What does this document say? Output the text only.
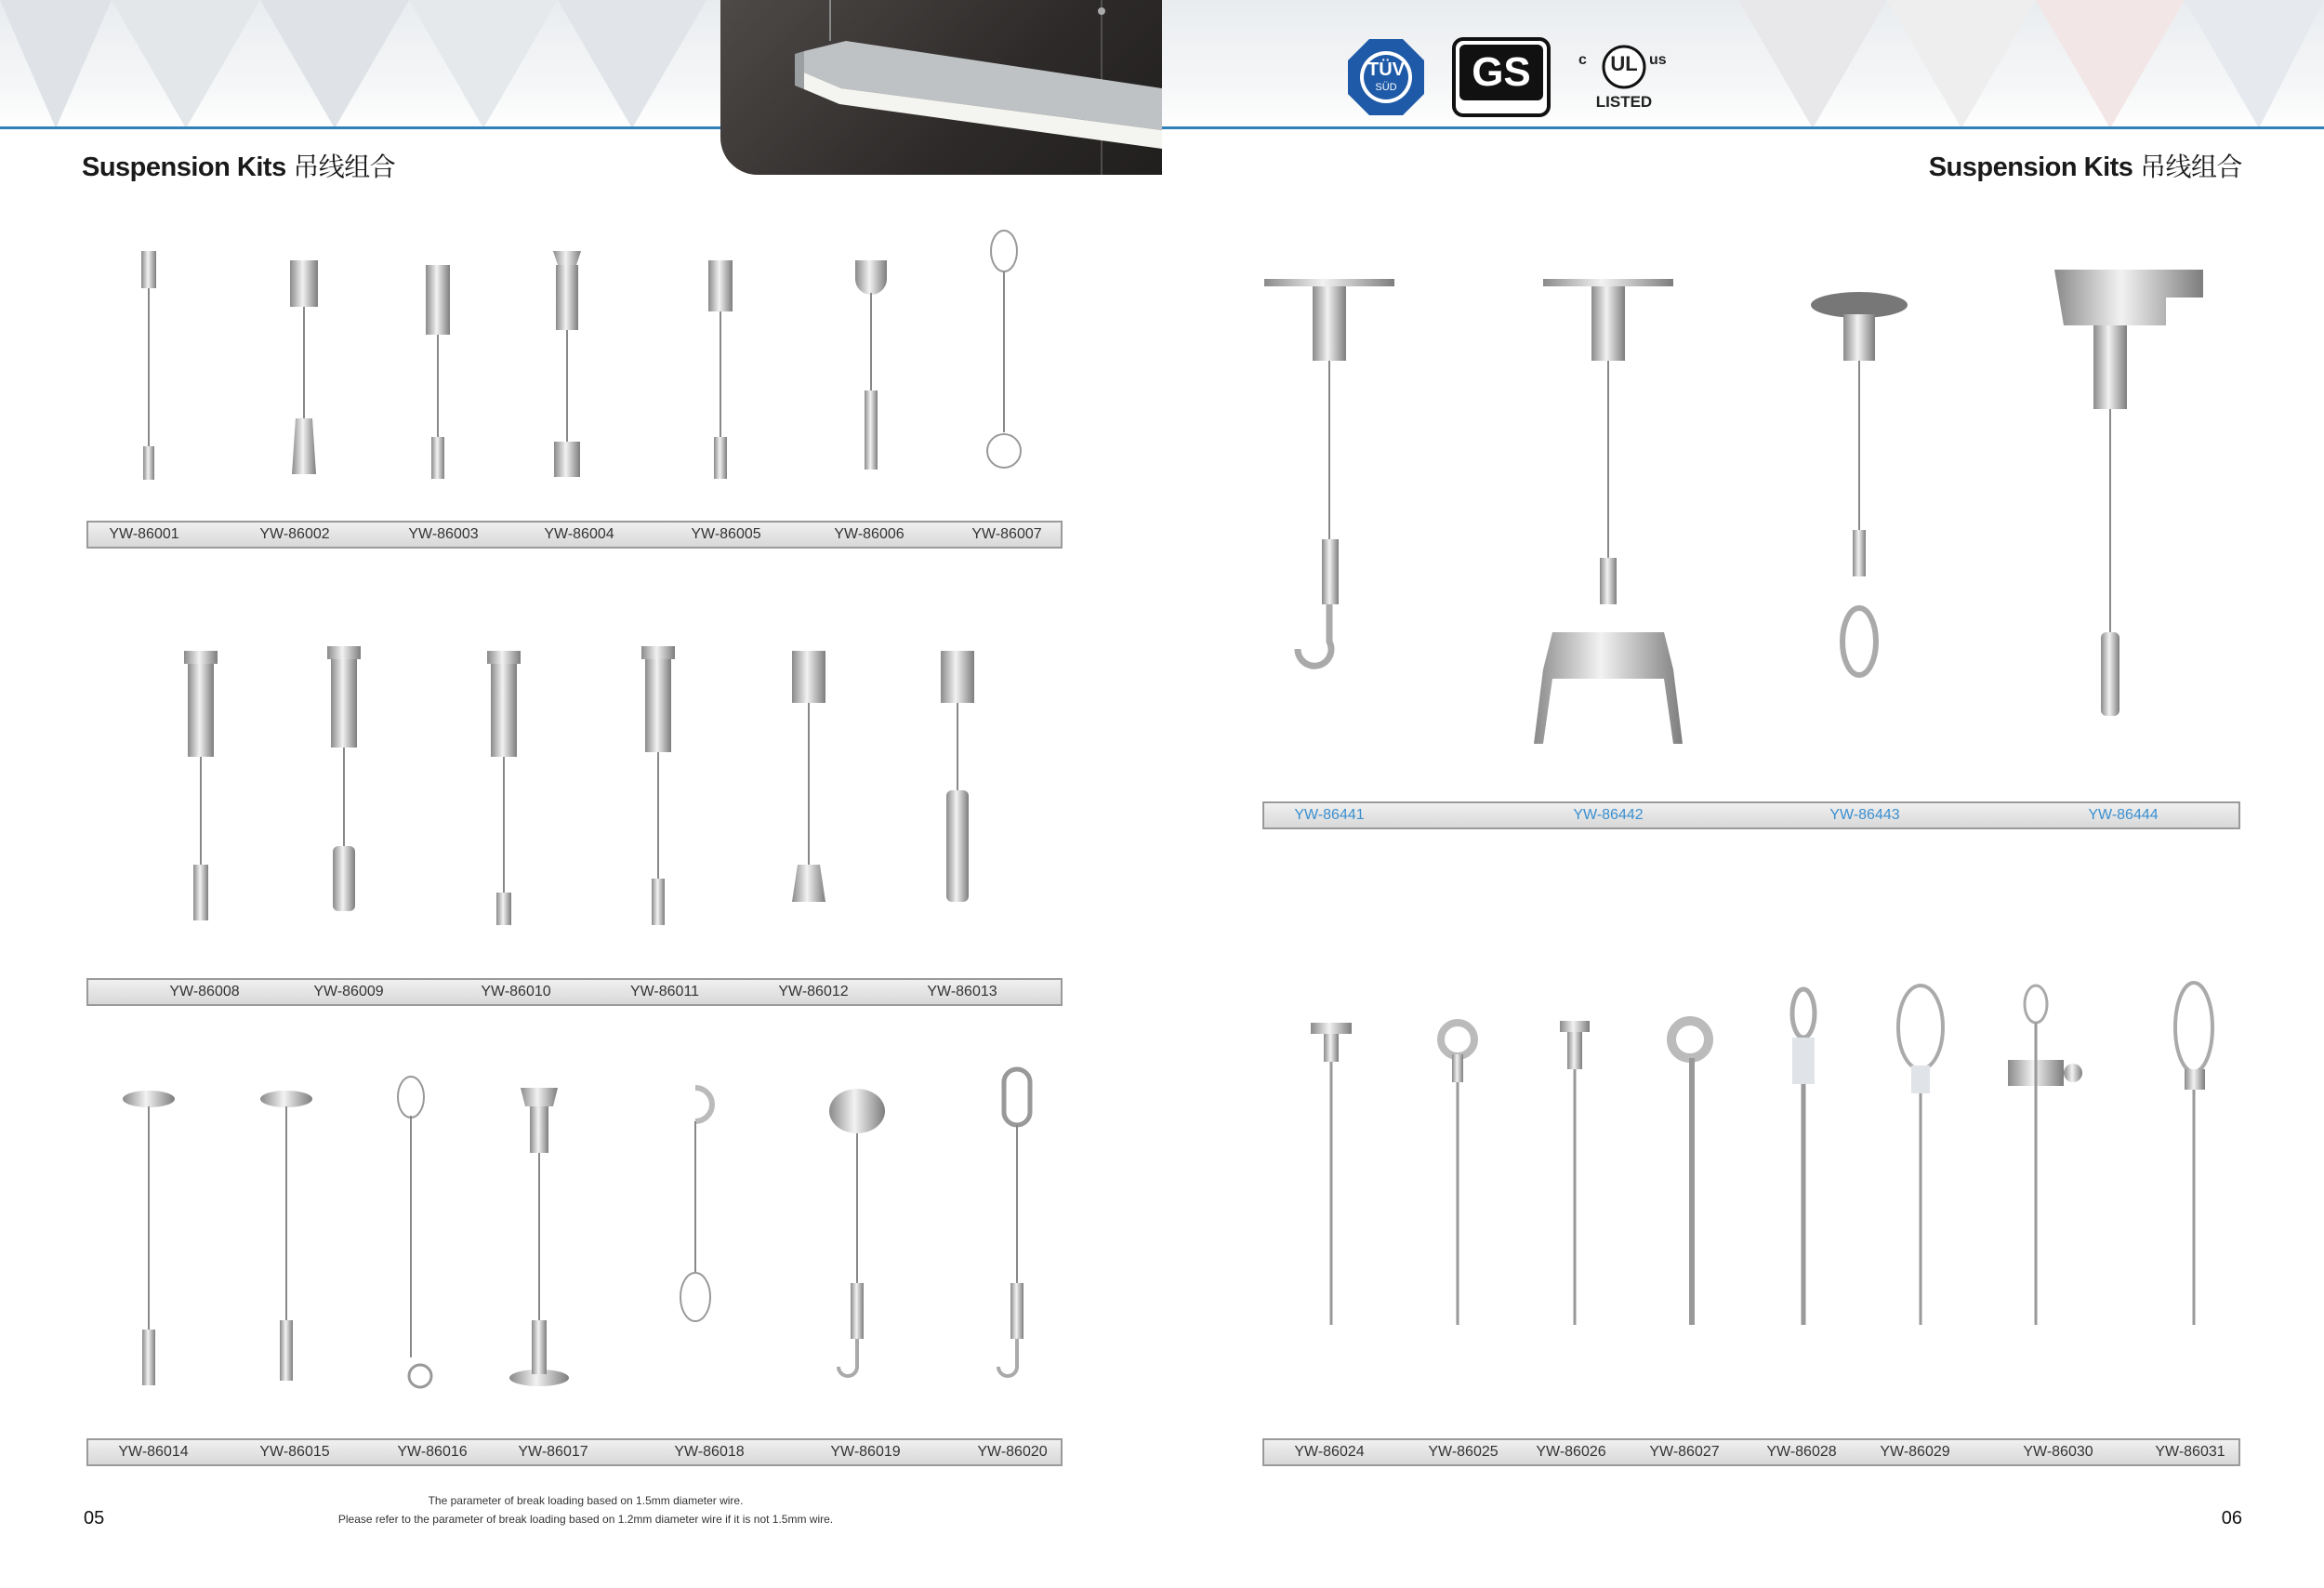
TÜV
SÜD	GS	c	UL us
LISTED
Suspension Kits 吊线组合	Suspension Kits 吊线组合
YW-86001	YW-86002	YW-86003	YW-86004	YW-86005	YW-86006	YW-86007
YW-86008	YW-86009	YW-86010	YW-86011	YW-86012	YW-86013
YW-86014	YW-86015	YW-86016	YW-86017	YW-86018	YW-86019	YW-86020
The parameter of break loading based on 1.5mm diameter wire.
Please refer to the parameter of break loading based on 1.2mm diameter wire if it is not 1.5mm wire.
05
YW-86441	YW-86442	YW-86443	YW-86444
YW-86024	YW-86025	YW-86026	YW-86027	YW-86028	YW-86029	YW-86030	YW-86031
06
